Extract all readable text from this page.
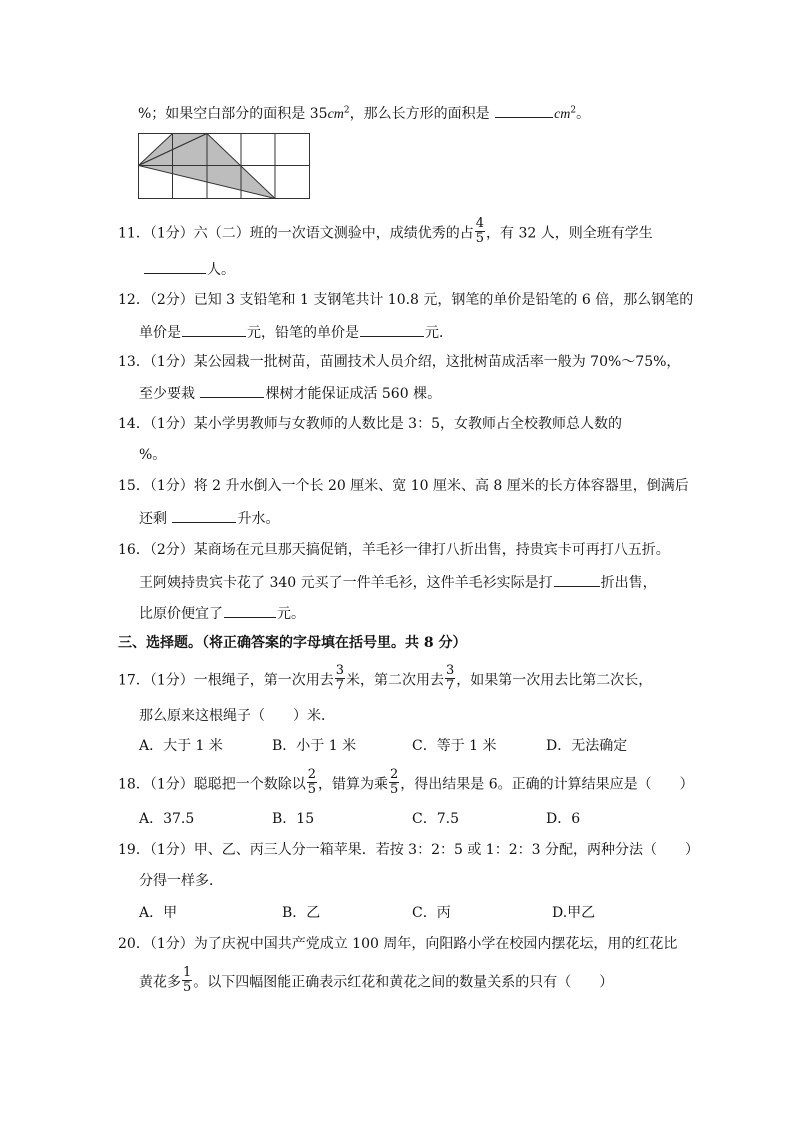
%；如果空白部分的面积是 $35cm^2$，那么长方形的面积是	$cm^2$。
11．（1分）六（二）班的一次语文测验中，成绩优秀的占 $\frac{4}{5}$ ，有 32 人，则全班有学生
人。
12．（2分）已知 3 支铅笔和 1 支钢笔共计 10.8 元，钢笔的单价是铅笔的 6 倍，那么钢笔的
单价是	元，铅笔的单价是	元．
13．（1分）某公园栽一批树苗，苗圃技术人员介绍，这批树苗成活率一般为 70%～75%，
至少要栽	棵树才能保证成活 560 棵。
14．（1分）某小学男教师与女教师的人数比是 3：5，女教师占全校教师总人数的
%。
15．（1分）将 2 升水倒入一个长 20 厘米、宽 10 厘米、高 8 厘米的长方体容器里，倒满后
还剩	升水。
16．（2分）某商场在元旦那天搞促销，羊毛衫一律打八折出售，持贵宾卡可再打八五折。
王阿姨持贵宾卡花了 340 元买了一件羊毛衫，这件羊毛衫实际是打	折出售，
比原价便宜了	元。
三、选择题。（将正确答案的字母填在括号里。共 8 分）
17．（1分）一根绳子，第一次用去 $\frac{3}{7}$ 米，第二次用去 $\frac{3}{7}$ ，如果第一次用去比第二次长，
那么原来这根绳子（　　）米．
A．大于 1 米	B．小于 1 米	C．等于 1 米	D．无法确定
18．（1分）聪聪把一个数除以 $\frac{2}{5}$ ，错算为乘 $\frac{2}{5}$ ，得出结果是 6。正确的计算结果应是（　　）
A．37.5	B．15	C．7.5	D．6
19．（1分）甲、乙、丙三人分一箱苹果．若按 3：2：5 或 1：2：3 分配，两种分法（　　）
分得一样多．
A．甲	B．乙	C．丙	D.甲乙
20．（1分）为了庆祝中国共产党成立 100 周年，向阳路小学在校园内摆花坛，用的红花比
黄花多 $\frac{1}{5}$ 。以下四幅图能正确表示红花和黄花之间的数量关系的只有（　　）
